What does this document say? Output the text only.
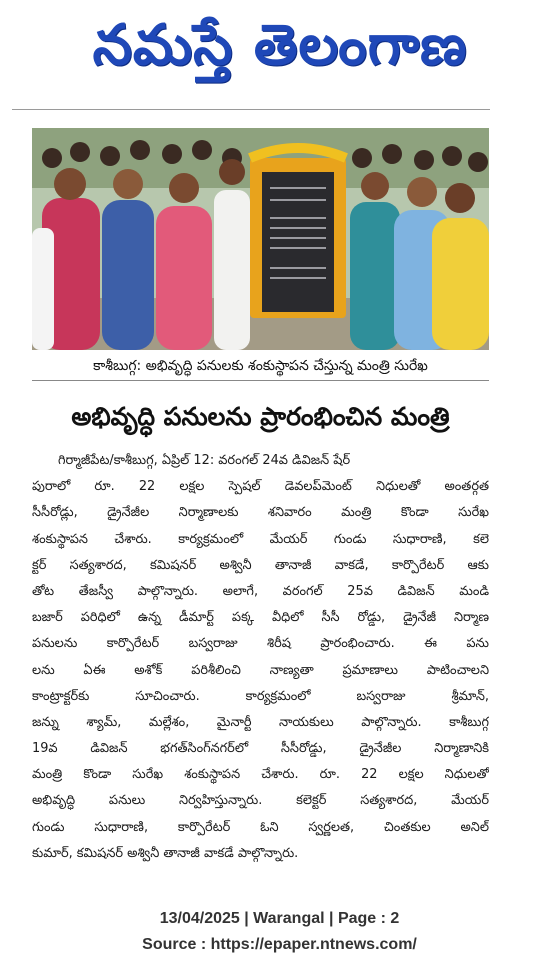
నమస్తే తెలంగాణ
కాశీబుగ్గ: అభివృద్ధి పనులకు శంకుస్థాపన చేస్తున్న మంత్రి సురేఖ
అభివృద్ధి పనులను ప్రారంభించిన మంత్రి
గిర్మాజీపేట/కాశీబుగ్గ, ఏప్రిల్ 12: వరంగల్ 24వ డివిజన్ షేర్
పురాలో రూ. 22 లక్షల స్పెషల్ డెవలప్‌మెంట్ నిధులతో అంతర్గత
సీసీరోడ్లు, డ్రైనేజీల నిర్మాణాలకు శనివారం మంత్రి కొండా సురేఖ
శంకుస్థాపన చేశారు. కార్యక్రమంలో మేయర్ గుండు సుధారాణి, కలె
క్టర్ సత్యశారద, కమిషనర్ అశ్వినీ తానాజీ వాకడే, కార్పొరేటర్ ఆకు
తోట తేజస్వీ పాల్గొన్నారు. అలాగే, వరంగల్ 25వ డివిజన్ మండి
బజార్ పరిధిలో ఉన్న డీమార్ట్ పక్క వీధిలో సీసీ రోడ్డు, డ్రైనేజీ నిర్మాణ
పనులను కార్పొరేటర్ బస్వరాజు శిరీష ప్రారంభించారు. ఈ పను
లను ఏఈ అశోక్ పరిశీలించి నాణ్యతా ప్రమాణాలు పాటించాలని
కాంట్రాక్టర్‌కు సూచించారు. కార్యక్రమంలో బస్వరాజు శ్రీమాన్,
జన్ను శ్యామ్, మల్లేశం, మైనార్టీ నాయకులు పాల్గొన్నారు. కాశీబుగ్గ
19వ డివిజన్ భగత్‌సింగ్‌నగర్‌లో సీసీరోడ్డు, డ్రైనేజీల నిర్మాణానికి
మంత్రి కొండా సురేఖ శంకుస్థాపన చేశారు. రూ. 22 లక్షల నిధులతో
అభివృద్ధి పనులు నిర్వహిస్తున్నారు. కలెక్టర్ సత్యశారద, మేయర్
గుండు సుధారాణి, కార్పొరేటర్ ఓని స్వర్ణలత, చింతకుల అనిల్
కుమార్, కమిషనర్ అశ్వినీ తానాజీ వాకడే పాల్గొన్నారు.
13/04/2025 | Warangal | Page : 2
Source : https://epaper.ntnews.com/
